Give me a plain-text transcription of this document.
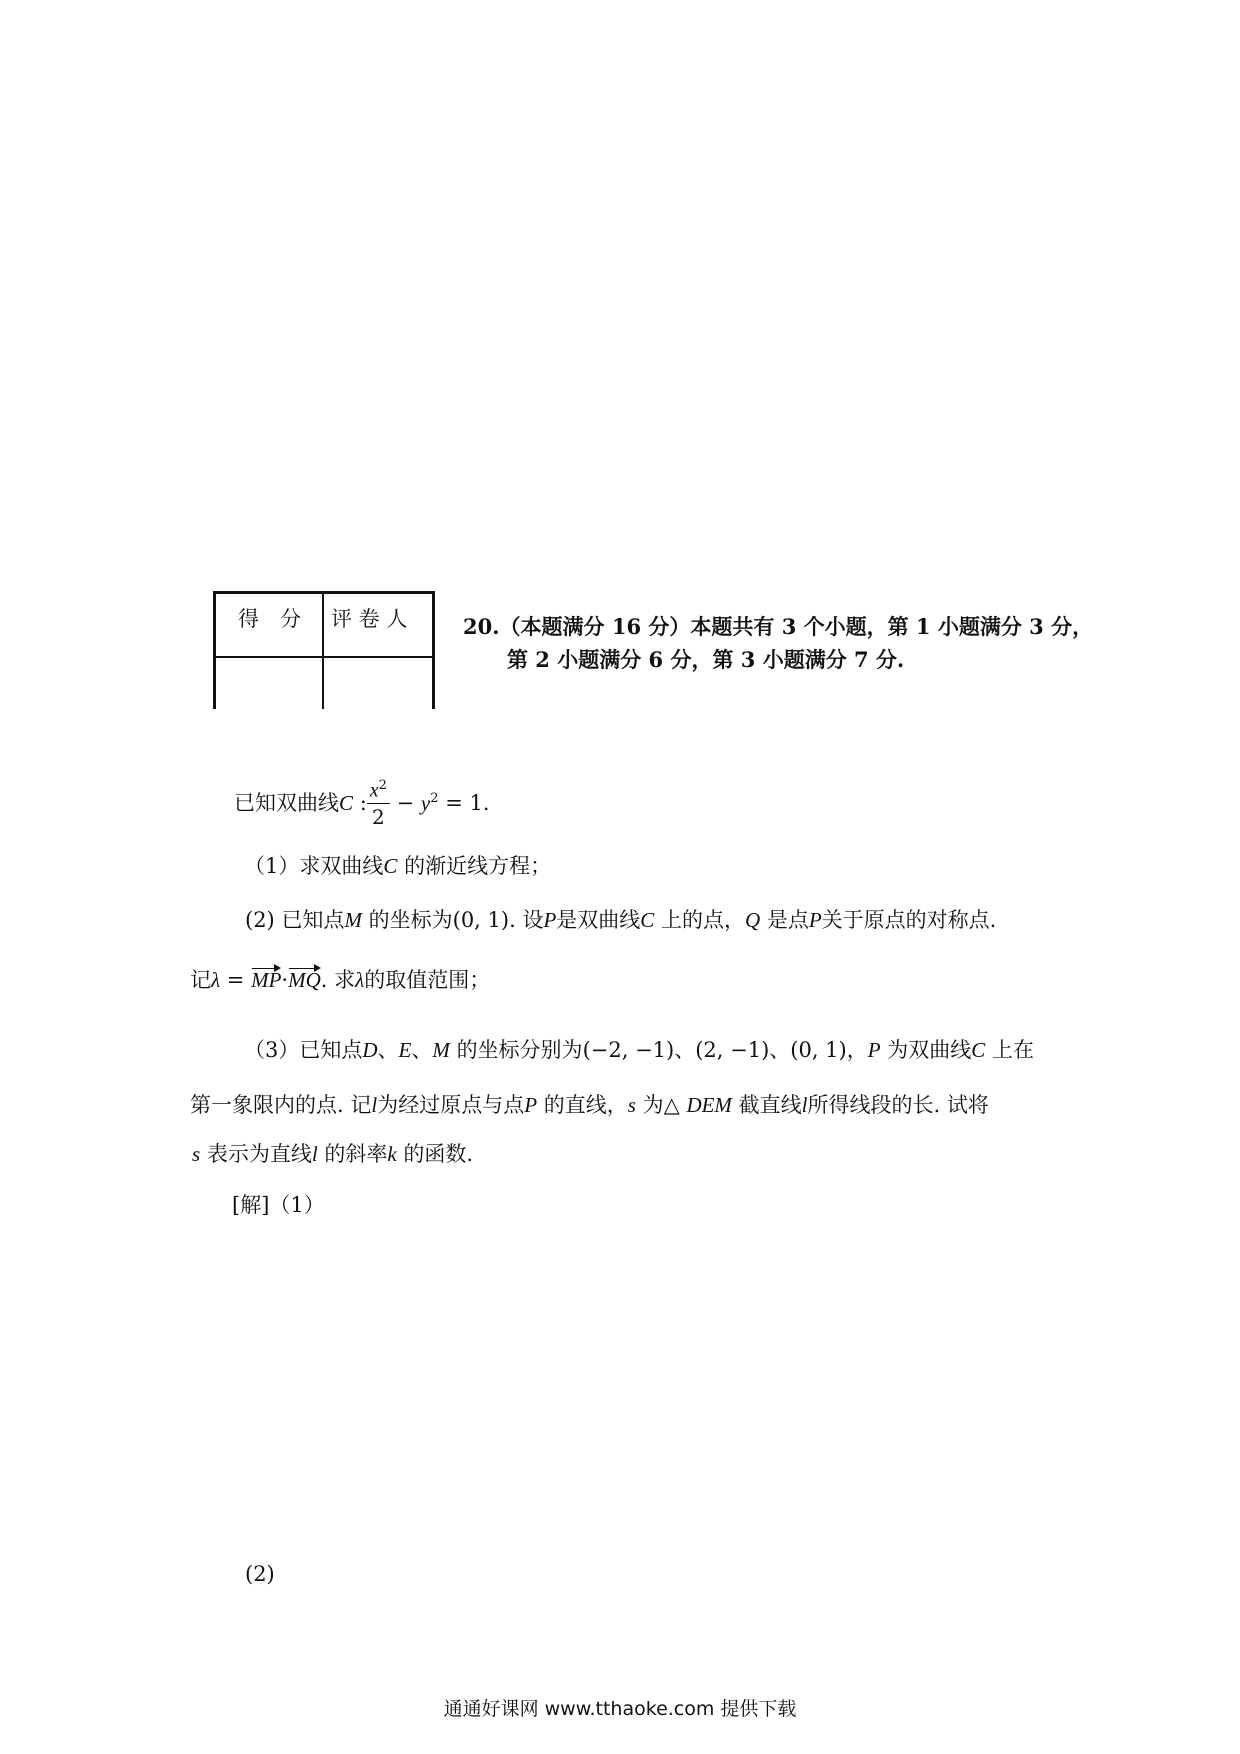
得　分 评 卷 人	20.（本题满分 16 分）本题共有 3 个小题，第 1 小题满分 3 分，
第 2 小题满分 6 分，第 3 小题满分 7 分.
已知双曲线 C : $\frac{x^2}{2} - y^2 = 1$ .
（1）求双曲线C 的渐近线方程；
(2) 已知点M 的坐标为(0, 1). 设P是双曲线C 上的点，Q 是点P关于原点的对称点.
记λ = MP·MQ. 求λ的取值范围；
（3）已知点D、E、M 的坐标分别为(−2, −1)、(2, −1)、(0, 1)，P 为双曲线C 上在
第一象限内的点. 记l为经过原点与点P 的直线，s 为△ DEM 截直线l所得线段的长. 试将
s 表示为直线l 的斜率k 的函数.
[解]（1）
(2)
通通好课网 www.tthaoke.com 提供下载
